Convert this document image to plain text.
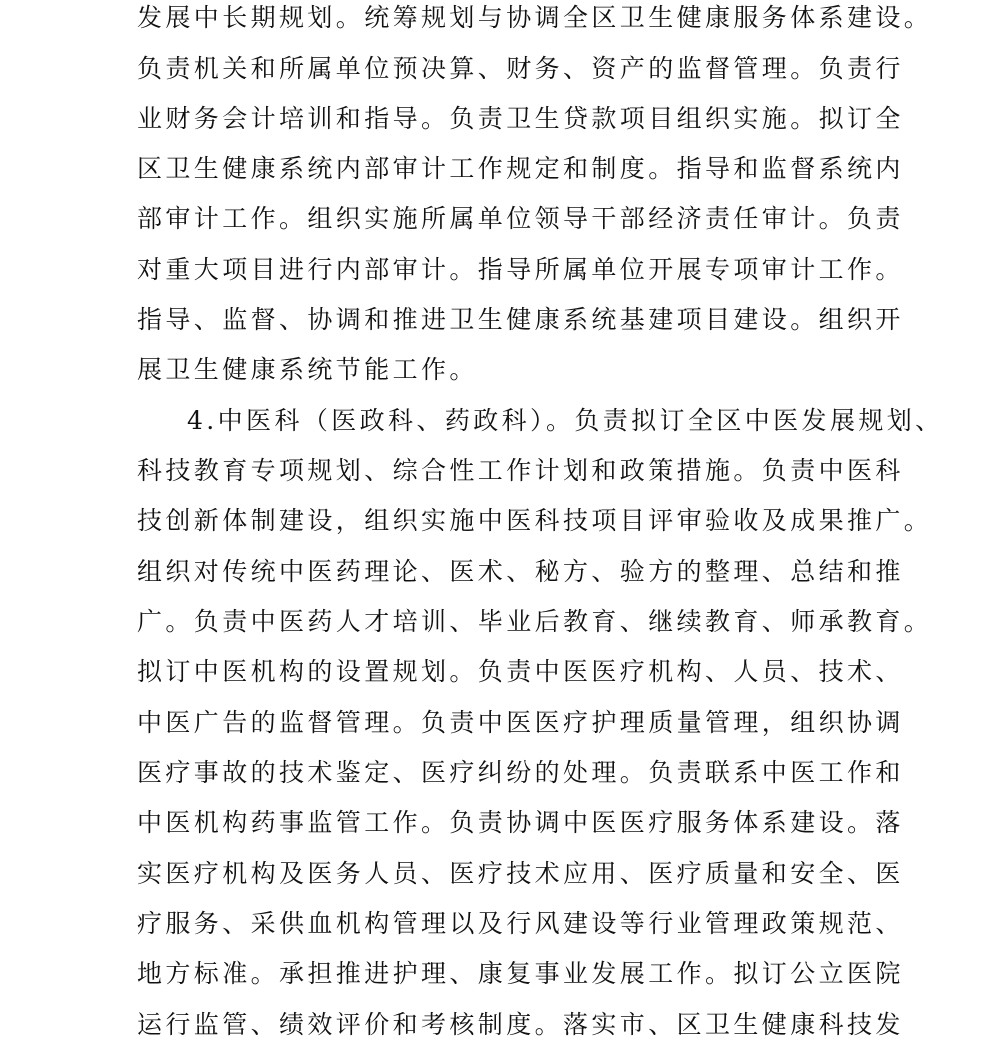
发展中长期规划。统筹规划与协调全区卫生健康服务体系建设。
负责机关和所属单位预决算、财务、资产的监督管理。负责行
业财务会计培训和指导。负责卫生贷款项目组织实施。拟订全
区卫生健康系统内部审计工作规定和制度。指导和监督系统内
部审计工作。组织实施所属单位领导干部经济责任审计。负责
对重大项目进行内部审计。指导所属单位开展专项审计工作。
指导、监督、协调和推进卫生健康系统基建项目建设。组织开
展卫生健康系统节能工作。
4.中医科（医政科、药政科）。负责拟订全区中医发展规划、
科技教育专项规划、综合性工作计划和政策措施。负责中医科
技创新体制建设，组织实施中医科技项目评审验收及成果推广。
组织对传统中医药理论、医术、秘方、验方的整理、总结和推
广。负责中医药人才培训、毕业后教育、继续教育、师承教育。
拟订中医机构的设置规划。负责中医医疗机构、人员、技术、
中医广告的监督管理。负责中医医疗护理质量管理，组织协调
医疗事故的技术鉴定、医疗纠纷的处理。负责联系中医工作和
中医机构药事监管工作。负责协调中医医疗服务体系建设。落
实医疗机构及医务人员、医疗技术应用、医疗质量和安全、医
疗服务、采供血机构管理以及行风建设等行业管理政策规范、
地方标准。承担推进护理、康复事业发展工作。拟订公立医院
运行监管、绩效评价和考核制度。落实市、区卫生健康科技发
